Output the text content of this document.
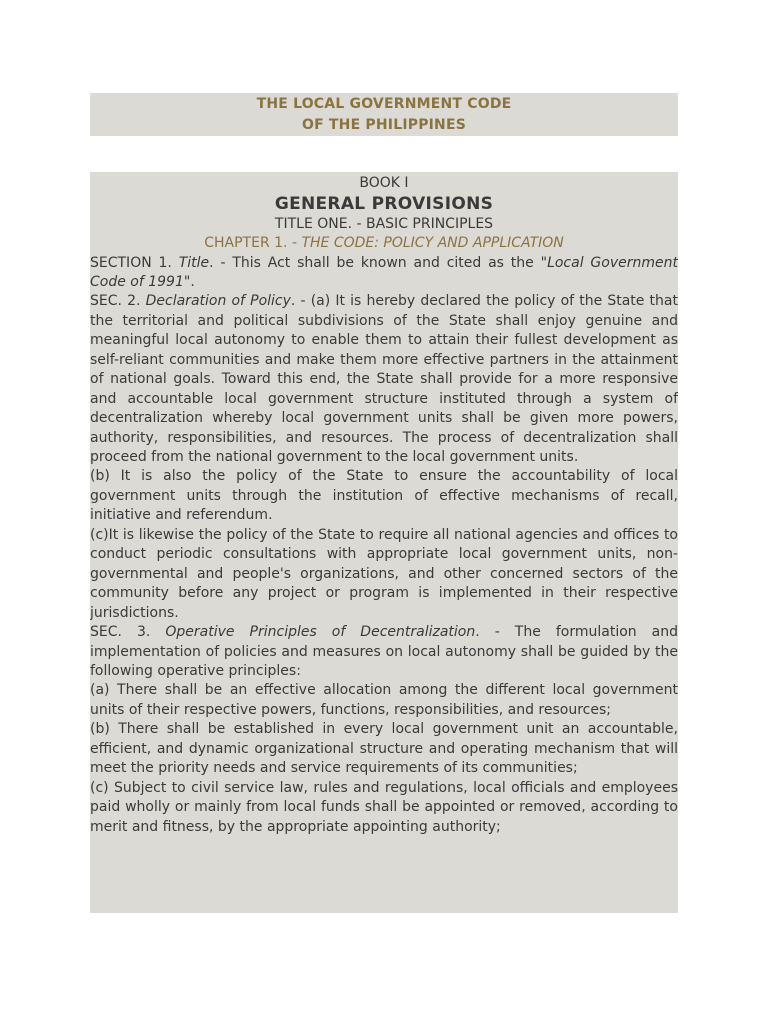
THE LOCAL GOVERNMENT CODE
OF THE PHILIPPINES
BOOK I
GENERAL PROVISIONS
TITLE ONE. - BASIC PRINCIPLES
CHAPTER 1. - THE CODE: POLICY AND APPLICATION

SECTION 1. Title. - This Act shall be known and cited as the "Local Government Code of 1991".

SEC. 2. Declaration of Policy. - (a) It is hereby declared the policy of the State that the territorial and political subdivisions of the State shall enjoy genuine and meaningful local autonomy to enable them to attain their fullest development as self-reliant communities and make them more effective partners in the attainment of national goals. Toward this end, the State shall provide for a more responsive and accountable local government structure instituted through a system of decentralization whereby local government units shall be given more powers, authority, responsibilities, and resources. The process of decentralization shall proceed from the national government to the local government units.

(b) It is also the policy of the State to ensure the accountability of local government units through the institution of effective mechanisms of recall, initiative and referendum.

(c)It is likewise the policy of the State to require all national agencies and offices to conduct periodic consultations with appropriate local government units, non-governmental and people's organizations, and other concerned sectors of the community before any project or program is implemented in their respective jurisdictions.

SEC. 3. Operative Principles of Decentralization. - The formulation and implementation of policies and measures on local autonomy shall be guided by the following operative principles:

(a) There shall be an effective allocation among the different local government units of their respective powers, functions, responsibilities, and resources;

(b) There shall be established in every local government unit an accountable, efficient, and dynamic organizational structure and operating mechanism that will meet the priority needs and service requirements of its communities;

(c) Subject to civil service law, rules and regulations, local officials and employees paid wholly or mainly from local funds shall be appointed or removed, according to merit and fitness, by the appropriate appointing authority;
